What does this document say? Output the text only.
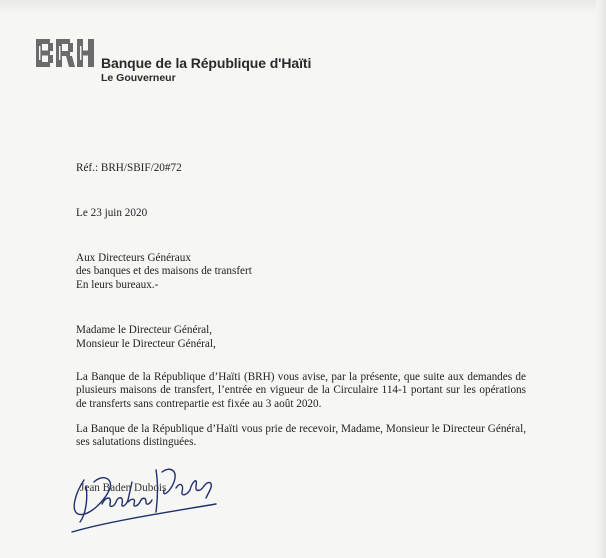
Banque de la République d'Haïti
Le Gouverneur
Réf.: BRH/SBIF/20#72
Le 23 juin 2020
Aux Directeurs Généraux
des banques et des maisons de transfert
En leurs bureaux.-
Madame le Directeur Général,
Monsieur le Directeur Général,
La Banque de la République d’Haïti (BRH) vous avise, par la présente, que suite aux demandes de plusieurs maisons de transfert, l’entrée en vigueur de la Circulaire 114-1 portant sur les opérations de transferts sans contrepartie est fixée au 3 août 2020.
La Banque de la République d’Haïti vous prie de recevoir, Madame, Monsieur le Directeur Général, ses salutations distinguées.
Jean Baden Dubois
